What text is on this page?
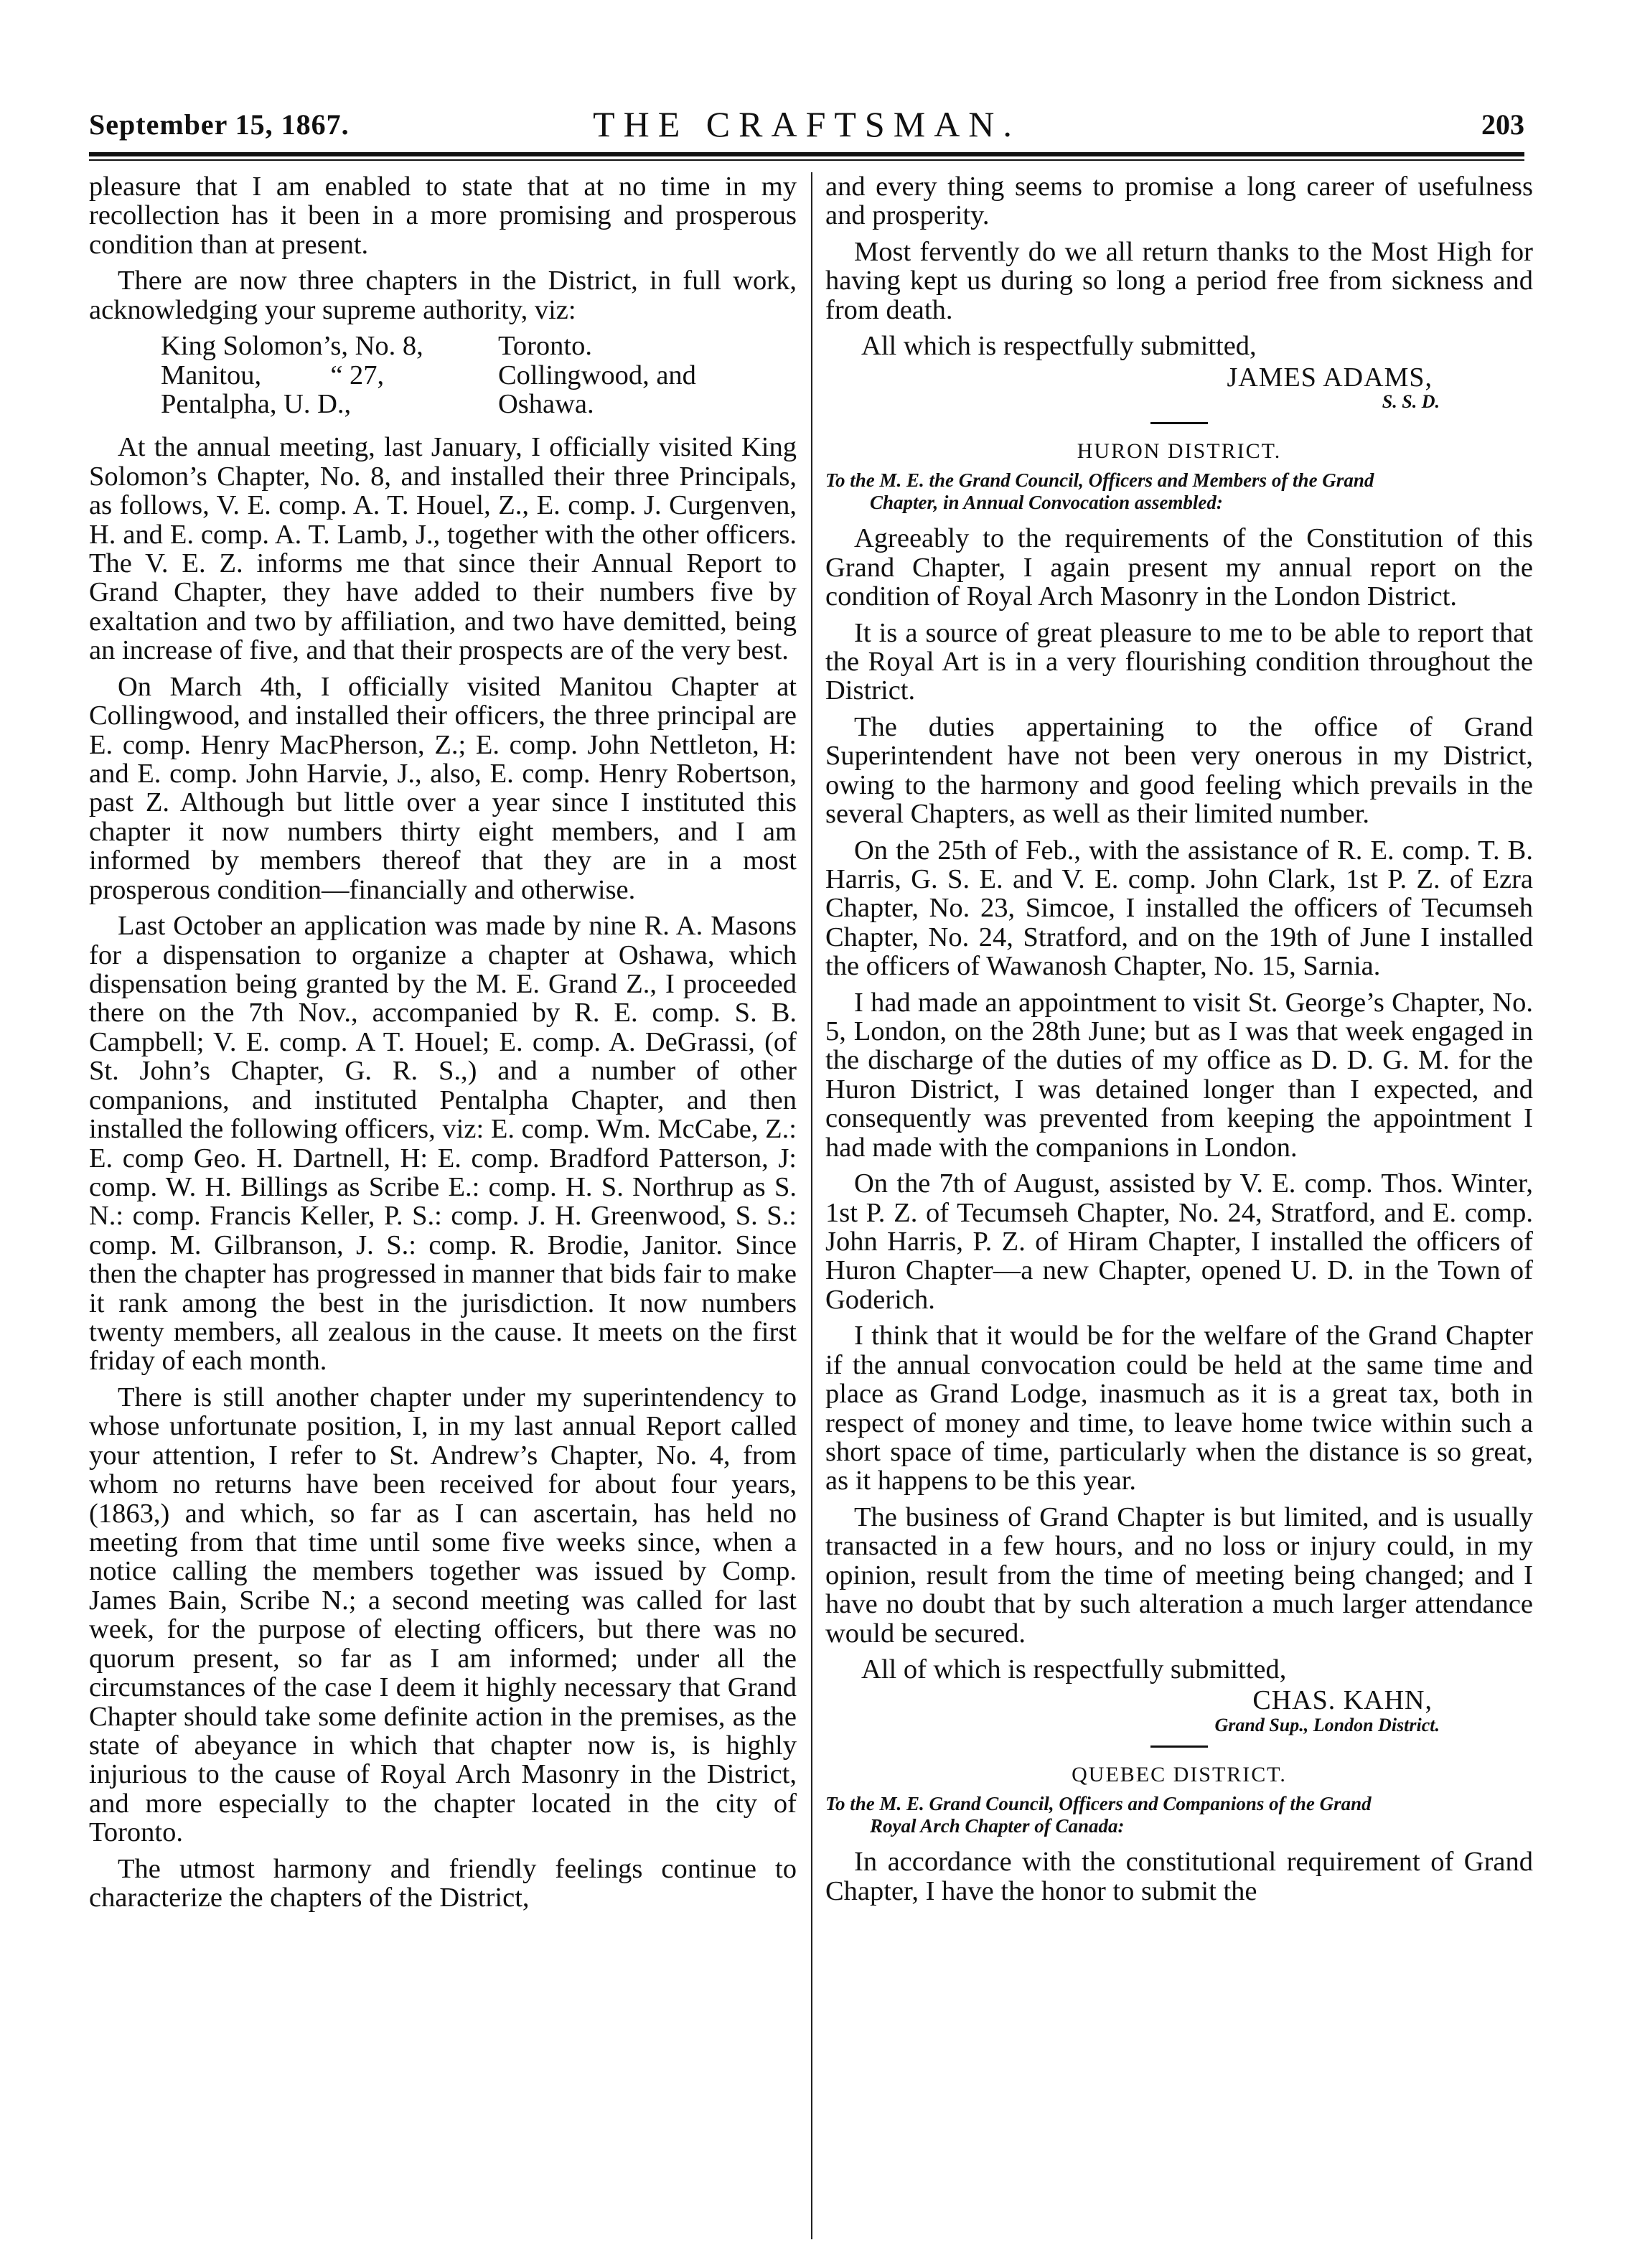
September 15, 1867.	THE CRAFTSMAN.	203

pleasure that I am enabled to state that at no time in my recollection has it been in a more promising and prosperous condition than at present.

There are now three chapters in the District, in full work, acknowledging your supreme authority, viz:

King Solomon’s, No. 8,	Toronto.
Manitou,          “ 27,	Collingwood, and
Pentalpha, U. D.,	Oshawa.

At the annual meeting, last January, I officially visited King Solomon’s Chapter, No. 8, and installed their three Principals, as follows, V. E. comp. A. T. Houel, Z., E. comp. J. Curgenven, H. and E. comp. A. T. Lamb, J., together with the other officers. The V. E. Z. informs me that since their Annual Report to Grand Chapter, they have added to their numbers five by exaltation and two by affiliation, and two have demitted, being an increase of five, and that their prospects are of the very best.

On March 4th, I officially visited Manitou Chapter at Collingwood, and installed their officers, the three principal are E. comp. Henry MacPherson, Z.; E. comp. John Nettleton, H: and E. comp. John Harvie, J., also, E. comp. Henry Robertson, past Z. Although but little over a year since I instituted this chapter it now numbers thirty eight members, and I am informed by members thereof that they are in a most prosperous condition—financially and otherwise.

Last October an application was made by nine R. A. Masons for a dispensation to organize a chapter at Oshawa, which dispensation being granted by the M. E. Grand Z., I proceeded there on the 7th Nov., accompanied by R. E. comp. S. B. Campbell; V. E. comp. A T. Houel; E. comp. A. DeGrassi, (of St. John’s Chapter, G. R. S.,) and a number of other companions, and instituted Pentalpha Chapter, and then installed the following officers, viz: E. comp. Wm. McCabe, Z.: E. comp Geo. H. Dartnell, H: E. comp. Bradford Patterson, J: comp. W. H. Billings as Scribe E.: comp. H. S. Northrup as S. N.: comp. Francis Keller, P. S.: comp. J. H. Greenwood, S. S.: comp. M. Gilbranson, J. S.: comp. R. Brodie, Janitor. Since then the chapter has progressed in manner that bids fair to make it rank among the best in the jurisdiction. It now numbers twenty members, all zealous in the cause. It meets on the first friday of each month.

There is still another chapter under my superintendency to whose unfortunate position, I, in my last annual Report called your attention, I refer to St. Andrew’s Chapter, No. 4, from whom no returns have been received for about four years, (1863,) and which, so far as I can ascertain, has held no meeting from that time until some five weeks since, when a notice calling the members together was issued by Comp. James Bain, Scribe N.; a second meeting was called for last week, for the purpose of electing officers, but there was no quorum present, so far as I am informed; under all the circumstances of the case I deem it highly necessary that Grand Chapter should take some definite action in the premises, as the state of abeyance in which that chapter now is, is highly injurious to the cause of Royal Arch Masonry in the District, and more especially to the chapter located in the city of Toronto.

The utmost harmony and friendly feelings continue to characterize the chapters of the District,

and every thing seems to promise a long career of usefulness and prosperity.

Most fervently do we all return thanks to the Most High for having kept us during so long a period free from sickness and from death.

All which is respectfully submitted,
JAMES ADAMS,
S. S. D.
HURON DISTRICT.
To the M. E. the Grand Council, Officers and Members of the Grand
Chapter, in Annual Convocation assembled:

Agreeably to the requirements of the Constitution of this Grand Chapter, I again present my annual report on the condition of Royal Arch Masonry in the London District.

It is a source of great pleasure to me to be able to report that the Royal Art is in a very flourishing condition throughout the District.

The duties appertaining to the office of Grand Superintendent have not been very onerous in my District, owing to the harmony and good feeling which prevails in the several Chapters, as well as their limited number.

On the 25th of Feb., with the assistance of R. E. comp. T. B. Harris, G. S. E. and V. E. comp. John Clark, 1st P. Z. of Ezra Chapter, No. 23, Simcoe, I installed the officers of Tecumseh Chapter, No. 24, Stratford, and on the 19th of June I installed the officers of Wawanosh Chapter, No. 15, Sarnia.

I had made an appointment to visit St. George’s Chapter, No. 5, London, on the 28th June; but as I was that week engaged in the discharge of the duties of my office as D. D. G. M. for the Huron District, I was detained longer than I expected, and consequently was prevented from keeping the appointment I had made with the companions in London.

On the 7th of August, assisted by V. E. comp. Thos. Winter, 1st P. Z. of Tecumseh Chapter, No. 24, Stratford, and E. comp. John Harris, P. Z. of Hiram Chapter, I installed the officers of Huron Chapter—a new Chapter, opened U. D. in the Town of Goderich.

I think that it would be for the welfare of the Grand Chapter if the annual convocation could be held at the same time and place as Grand Lodge, inasmuch as it is a great tax, both in respect of money and time, to leave home twice within such a short space of time, particularly when the distance is so great, as it happens to be this year.

The business of Grand Chapter is but limited, and is usually transacted in a few hours, and no loss or injury could, in my opinion, result from the time of meeting being changed; and I have no doubt that by such alteration a much larger attendance would be secured.

All of which is respectfully submitted,
CHAS. KAHN,
Grand Sup., London District.
QUEBEC DISTRICT.
To the M. E. Grand Council, Officers and Companions of the Grand
Royal Arch Chapter of Canada:

In accordance with the constitutional requirement of Grand Chapter, I have the honor to submit the
